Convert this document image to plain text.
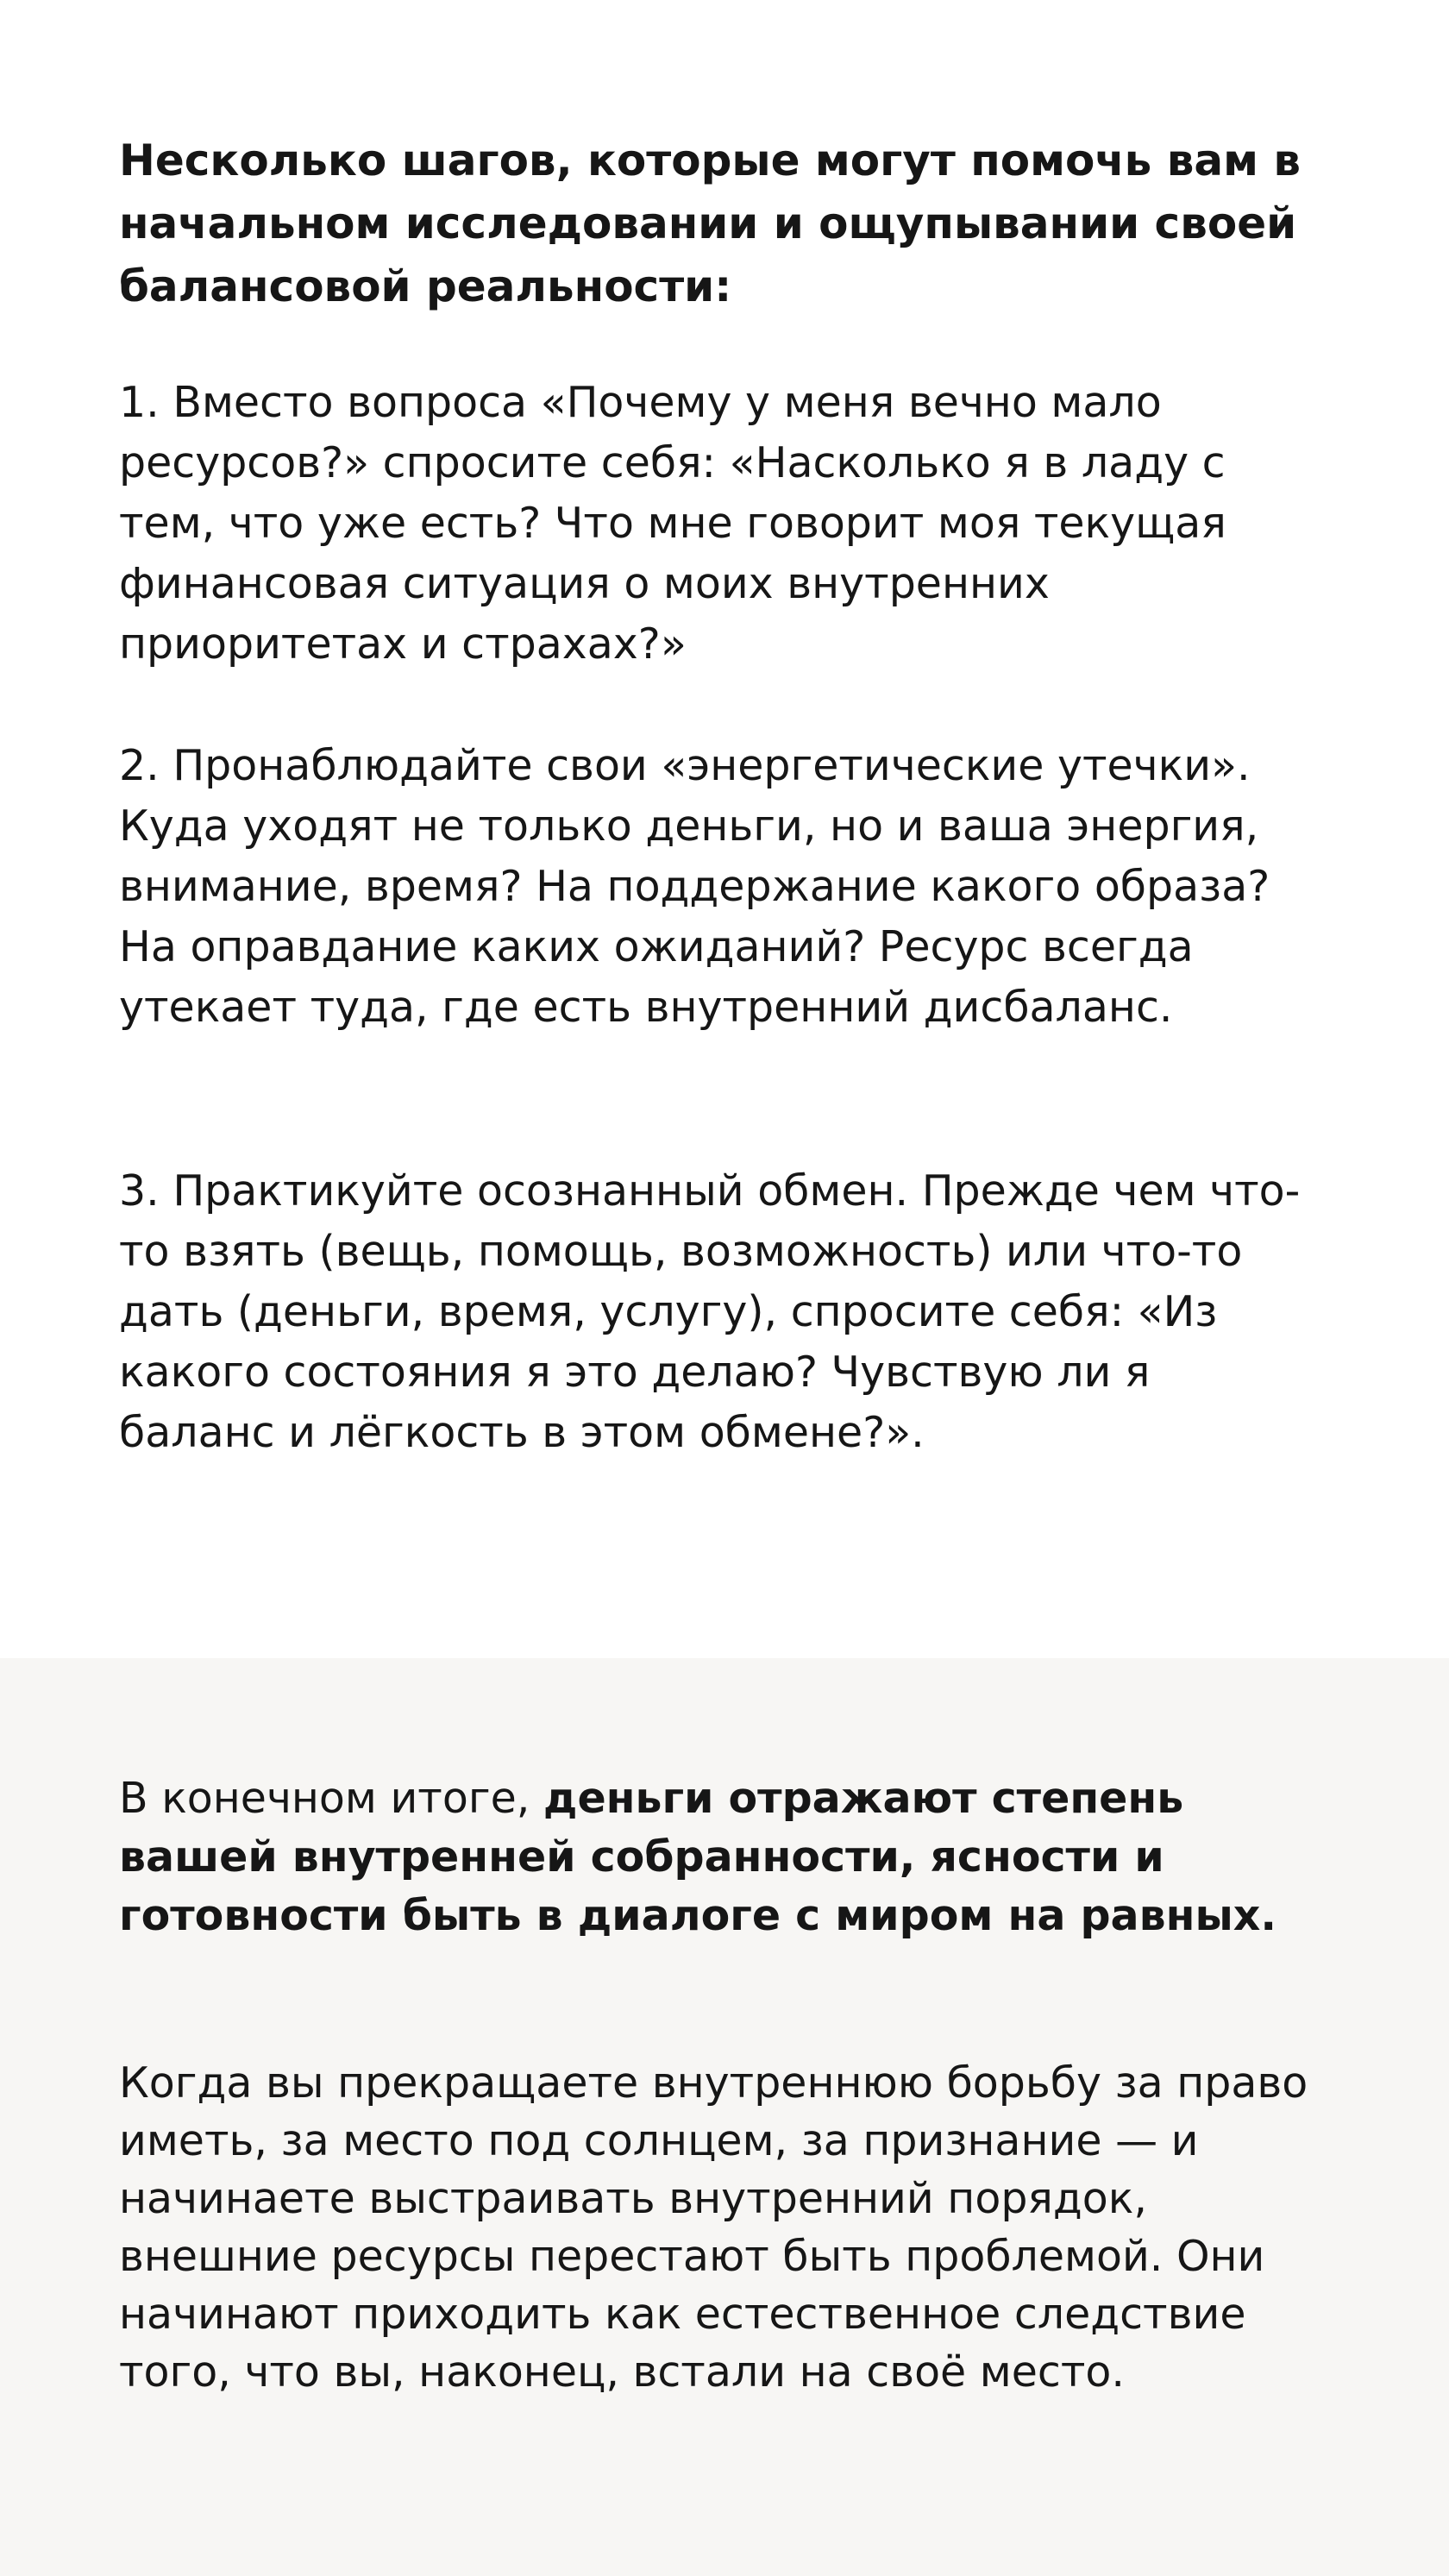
Несколько шагов, которые могут помочь вам в начальном исследовании и ощупывании своей балансовой реальности:

1. Вместо вопроса «Почему у меня вечно мало ресурсов?» спросите себя: «Насколько я в ладу с тем, что уже есть? Что мне говорит моя текущая финансовая ситуация о моих внутренних приоритетах и страхах?»

2. Пронаблюдайте свои «энергетические утечки». Куда уходят не только деньги, но и ваша энергия, внимание, время? На поддержание какого образа? На оправдание каких ожиданий? Ресурс всегда утекает туда, где есть внутренний дисбаланс.

3. Практикуйте осознанный обмен. Прежде чем что-то взять (вещь, помощь, возможность) или что-то дать (деньги, время, услугу), спросите себя: «Из какого состояния я это делаю? Чувствую ли я баланс и лёгкость в этом обмене?».

В конечном итоге, деньги отражают степень вашей внутренней собранности, ясности и готовности быть в диалоге с миром на равных.

Когда вы прекращаете внутреннюю борьбу за право иметь, за место под солнцем, за признание — и начинаете выстраивать внутренний порядок, внешние ресурсы перестают быть проблемой. Они начинают приходить как естественное следствие того, что вы, наконец, встали на своё место.
